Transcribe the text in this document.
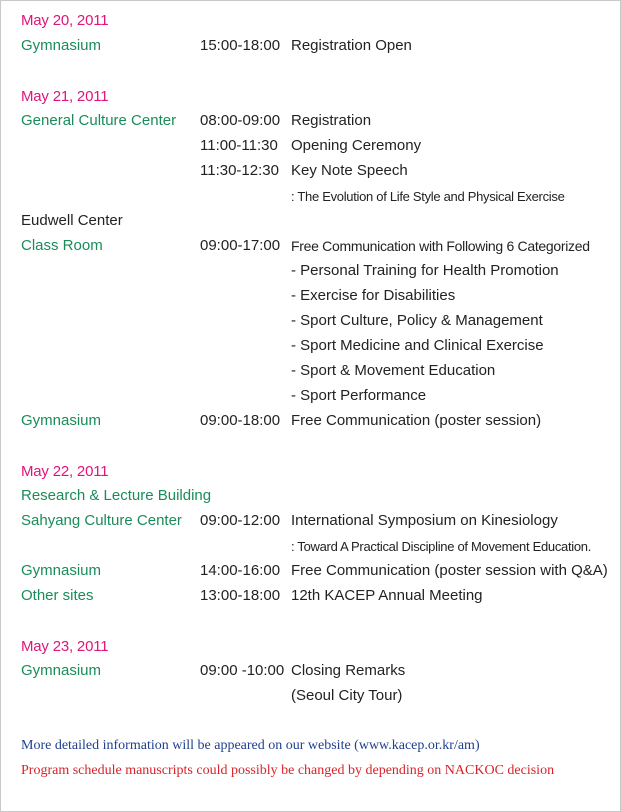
May 20, 2011
Gymnasium	15:00-18:00 Registration Open
May 21, 2011
General Culture Center 08:00-09:00 Registration
11:00-11:30 Opening Ceremony
11:30-12:30 Key Note Speech
: The Evolution of Life Style and Physical Exercise
Eudwell Center
Class Room	09:00-17:00 Free Communication with Following 6 Categorized
- Personal Training for Health Promotion
- Exercise for Disabilities
- Sport Culture, Policy & Management
- Sport Medicine and Clinical Exercise
- Sport & Movement Education
- Sport Performance
Gymnasium	09:00-18:00 Free Communication (poster session)
May 22, 2011
Research & Lecture Building
Sahyang Culture Center 09:00-12:00 International Symposium on Kinesiology
: Toward A Practical Discipline of Movement Education.
Gymnasium	14:00-16:00 Free Communication (poster session with Q&A)
Other sites	13:00-18:00 12th KACEP Annual Meeting
May 23, 2011
Gymnasium	09:00 -10:00 Closing Remarks
(Seoul City Tour)
More detailed information will be appeared on our website (www.kacep.or.kr/am)
Program schedule manuscripts could possibly be changed by depending on NACKOC decision
